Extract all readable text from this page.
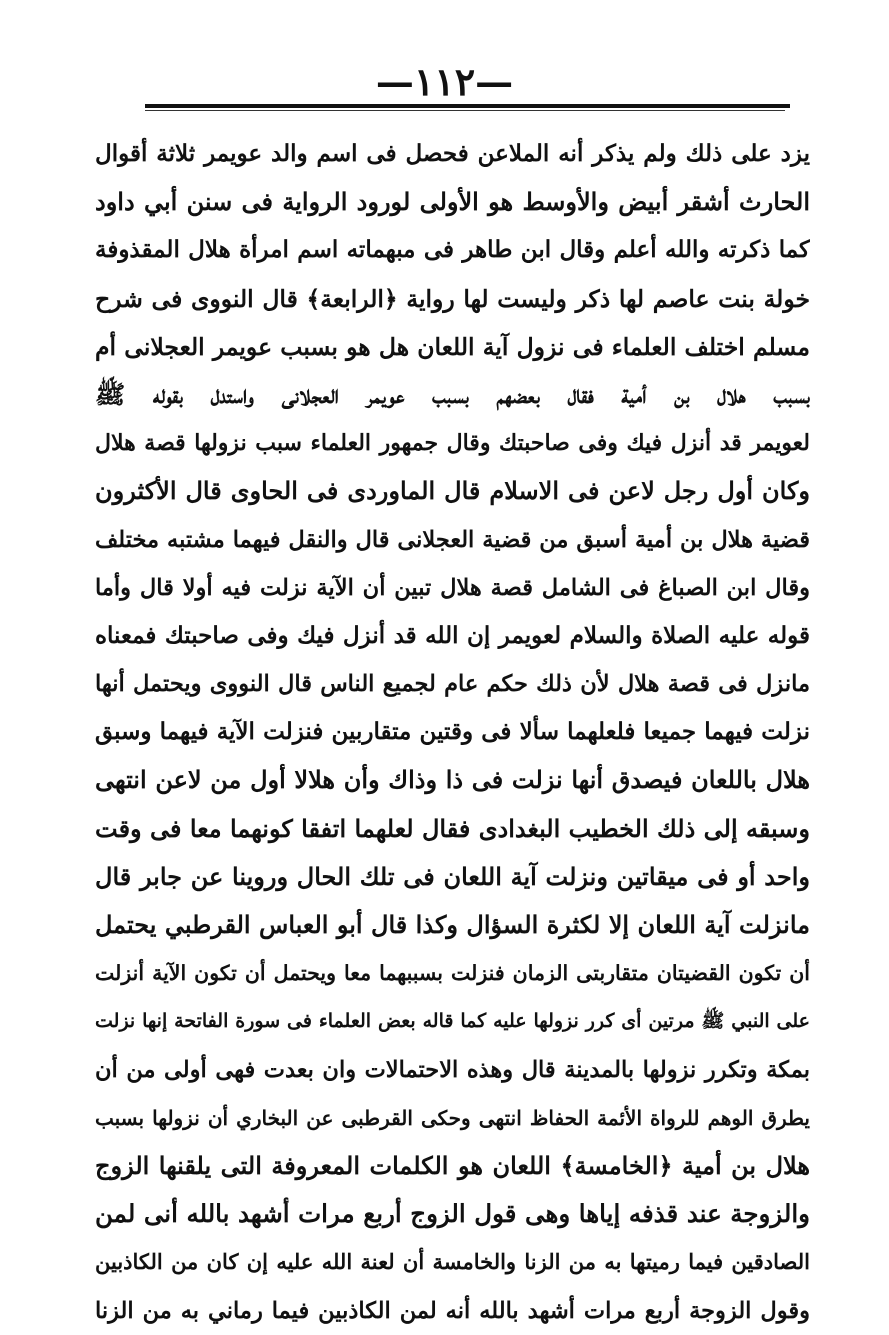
—١١٢—
يزد على ذلك ولم يذكر أنه الملاعن فحصل فى اسم والد عويمر ثلاثة أقوال
الحارث أشقر أبيض والأوسط هو الأولى لورود الرواية فى سنن أبي داود
كما ذكرته والله أعلم وقال ابن طاهر فى مبهماته اسم امرأة هلال المقذوفة
خولة بنت عاصم لها ذكر وليست لها رواية ﴿الرابعة﴾ قال النووى فى شرح
مسلم اختلف العلماء فى نزول آية اللعان هل هو بسبب عويمر العجلانى أم
بسبب هلال بن أمية فقال بعضهم بسبب عويمر العجلانى واستدل بقوله ﷺ
لعويمر قد أنزل فيك وفى صاحبتك وقال جمهور العلماء سبب نزولها قصة هلال
وكان أول رجل لاعن فى الاسلام قال الماوردى فى الحاوى قال الأكثرون
قضية هلال بن أمية أسبق من قضية العجلانى قال والنقل فيهما مشتبه مختلف
وقال ابن الصباغ فى الشامل قصة هلال تبين أن الآية نزلت فيه أولا قال وأما
قوله عليه الصلاة والسلام لعويمر إن الله قد أنزل فيك وفى صاحبتك فمعناه
مانزل فى قصة هلال لأن ذلك حكم عام لجميع الناس قال النووى ويحتمل أنها
نزلت فيهما جميعا فلعلهما سألا فى وقتين متقاربين فنزلت الآية فيهما وسبق
هلال باللعان فيصدق أنها نزلت فى ذا وذاك وأن هلالا أول من لاعن انتهى
وسبقه إلى ذلك الخطيب البغدادى فقال لعلهما اتفقا كونهما معا فى وقت
واحد أو فى ميقاتين ونزلت آية اللعان فى تلك الحال وروينا عن جابر قال
مانزلت آية اللعان إلا لكثرة السؤال وكذا قال أبو العباس القرطبي يحتمل
أن تكون القضيتان متقاربتى الزمان فنزلت بسببهما معا ويحتمل أن تكون الآية أنزلت
على النبي ﷺ مرتين أى كرر نزولها عليه كما قاله بعض العلماء فى سورة الفاتحة إنها نزلت
بمكة وتكرر نزولها بالمدينة قال وهذه الاحتمالات وان بعدت فهى أولى من أن
يطرق الوهم للرواة الأئمة الحفاظ انتهى وحكى القرطبى عن البخاري أن نزولها بسبب
هلال بن أمية ﴿الخامسة﴾ اللعان هو الكلمات المعروفة التى يلقنها الزوج
والزوجة عند قذفه إياها وهى قول الزوج أربع مرات أشهد بالله أنى لمن
الصادقين فيما رميتها به من الزنا والخامسة أن لعنة الله عليه إن كان من الكاذبين
وقول الزوجة أربع مرات أشهد بالله أنه لمن الكاذبين فيما رماني به من الزنا
